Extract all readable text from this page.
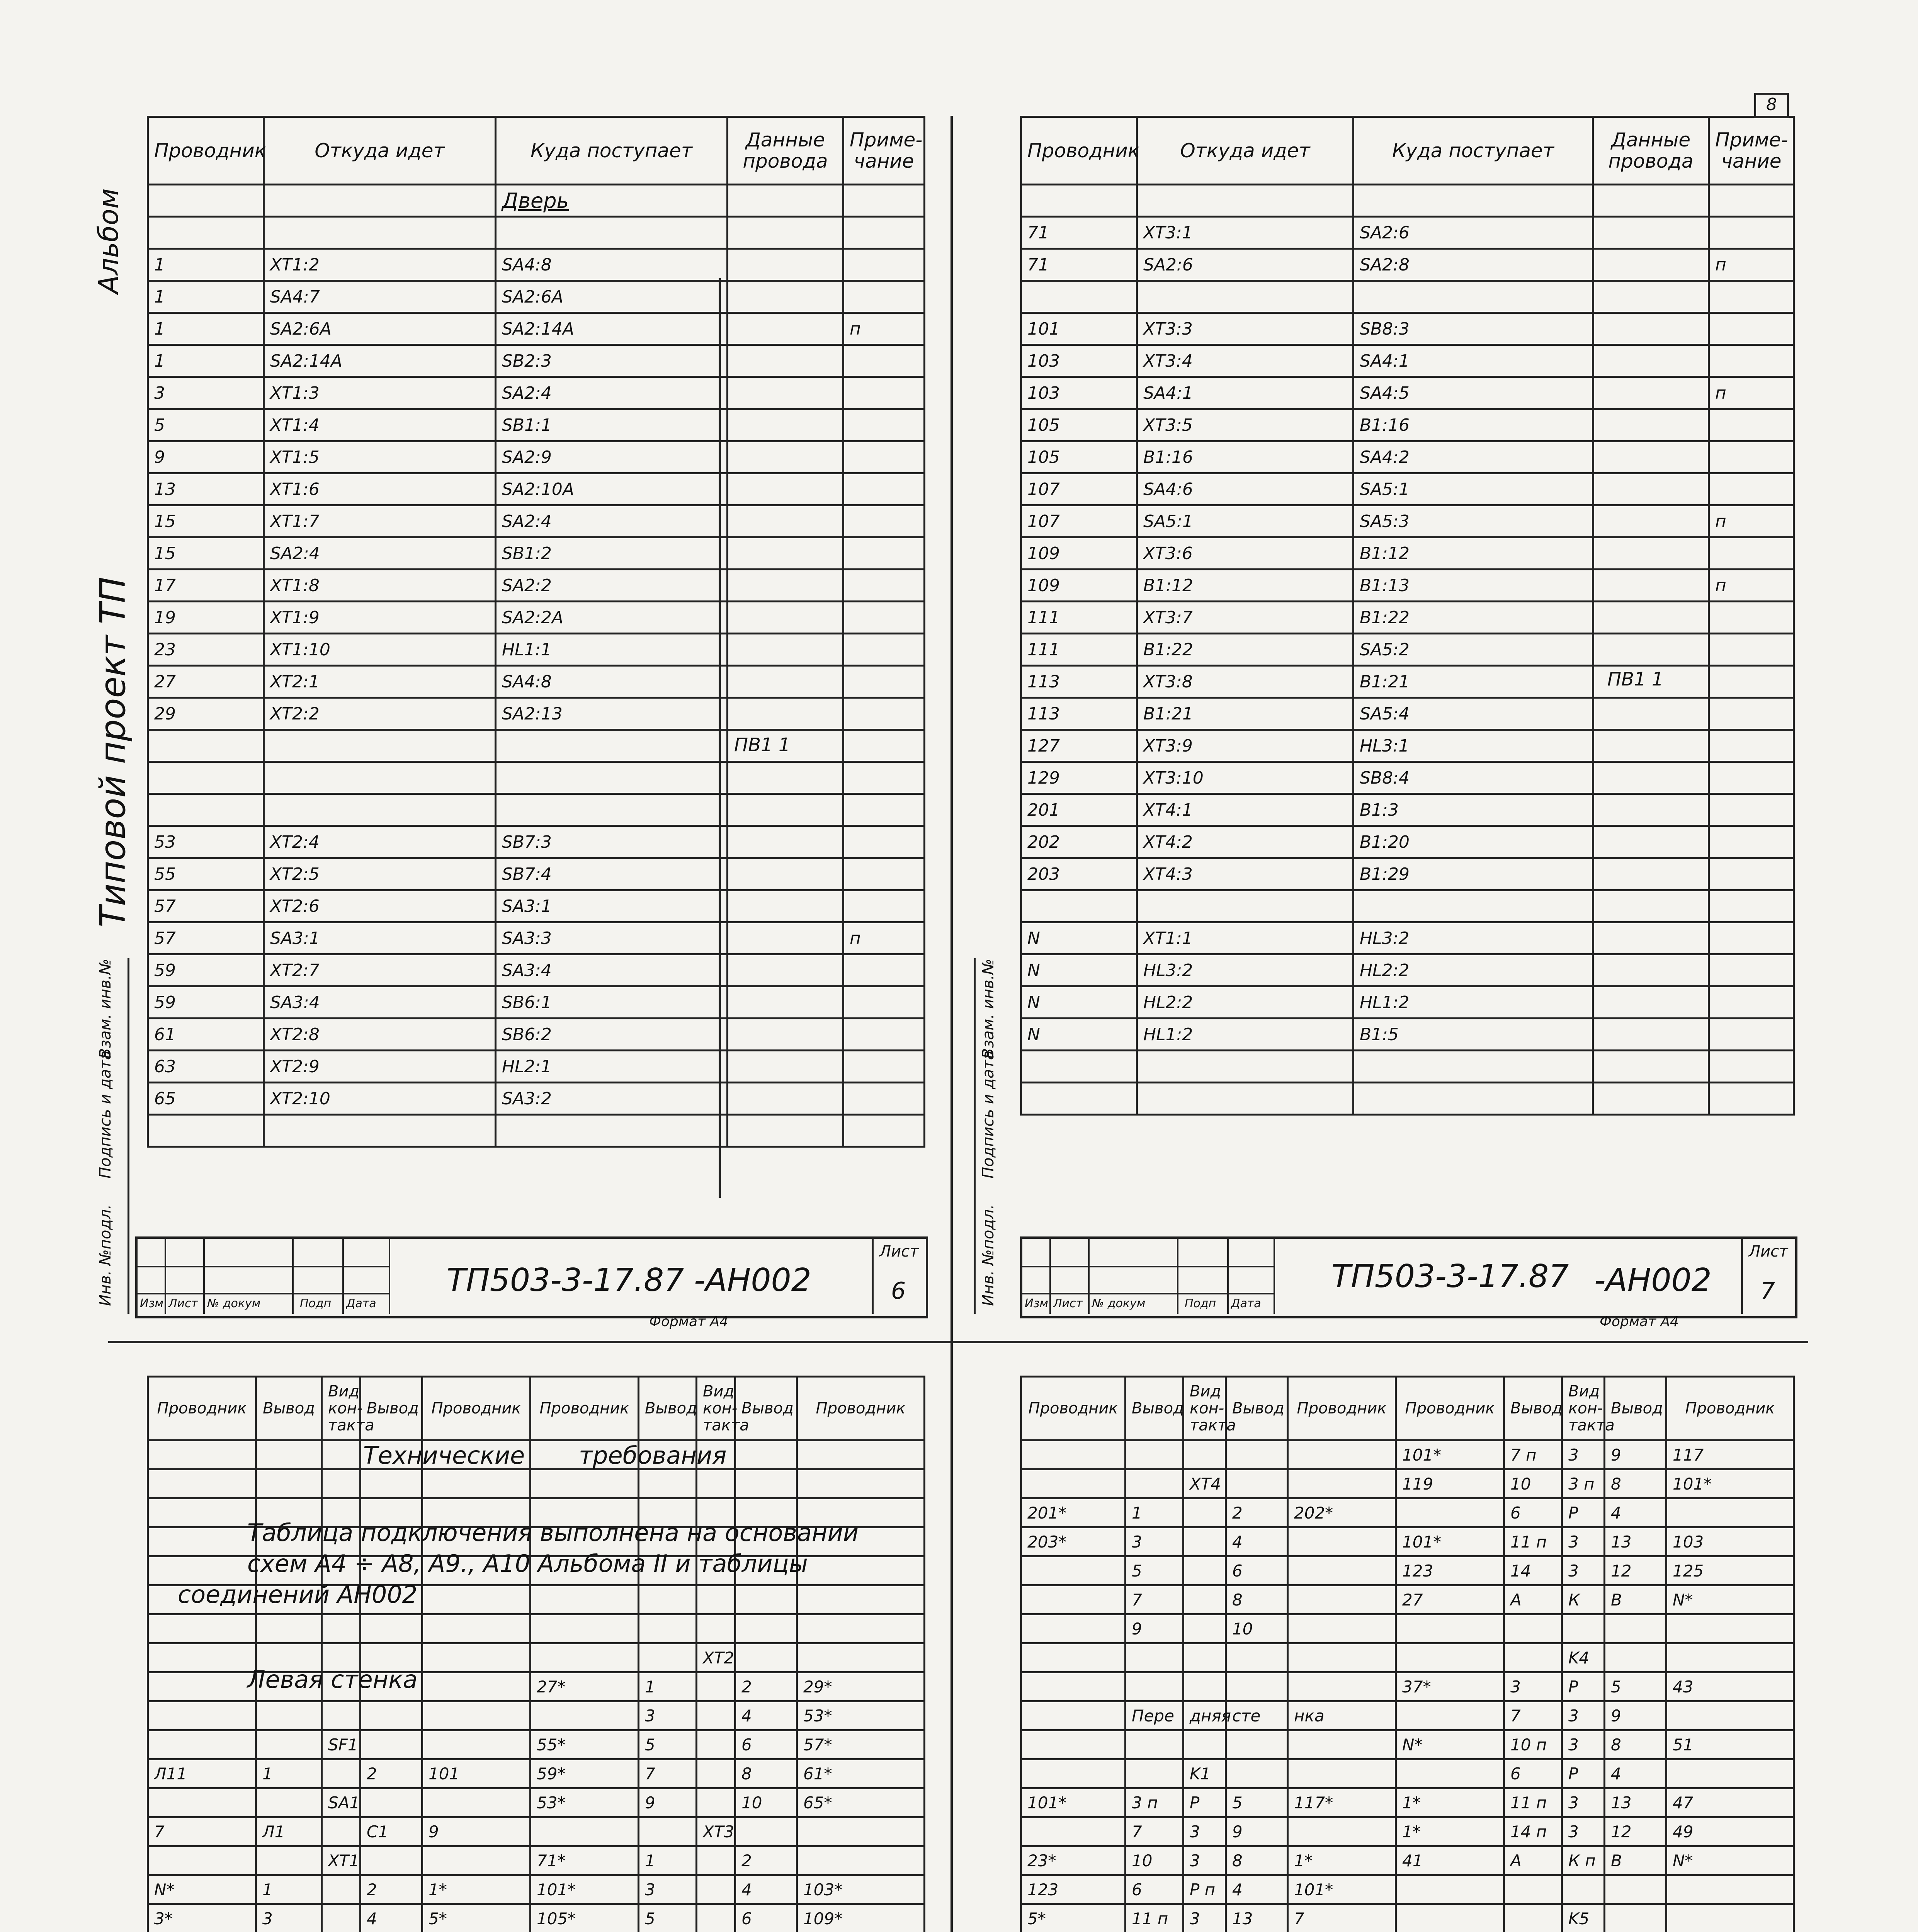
Проводник	Откуда идет	Куда поступает	Данные провода	Приме-чание
		Дверь		

1	XT1:2	SA4:8		
1	SA4:7	SA2:6A		
1	SA2:6A	SA2:14A		п
1	SA2:14A	SB2:3		
3	XT1:3	SA2:4		
5	XT1:4	SB1:1		
9	XT1:5	SA2:9		
13	XT1:6	SA2:10A		
15	XT1:7	SA2:4		
15	SA2:4	SB1:2		
17	XT1:8	SA2:2		
19	XT1:9	SA2:2A		
23	XT1:10	HL1:1		
27	XT2:1	SA4:8		
29	XT2:2	SA2:13		

53	XT2:4	SB7:3		
55	XT2:5	SB7:4		
57	XT2:6	SA3:1		
57	SA3:1	SA3:3		п
59	XT2:7	SA3:4		
59	SA3:4	SB6:1		
61	XT2:8	SB6:2		
63	XT2:9	HL2:1		
65	XT2:10	SA3:2		

ПВ1 1
Изм Лист № докум	Подп Дата
ТП503-3-17.87 -АН002
Лист
6
Формат А4
Альбом
Типовой проект ТП
Инв. №подл.
Подпись и дата
Взам. инв.№
Проводник	Откуда идет	Куда поступает	Данные провода	Приме-чание

71	XT3:1	SA2:6		
71	SA2:6	SA2:8		п

101	XT3:3	SB8:3		
103	XT3:4	SA4:1		
103	SA4:1	SA4:5		п
105	XT3:5	B1:16		
105	B1:16	SA4:2		
107	SA4:6	SA5:1		
107	SA5:1	SA5:3		п
109	XT3:6	B1:12		
109	B1:12	B1:13		п
111	XT3:7	B1:22		
111	B1:22	SA5:2		
113	XT3:8	B1:21		
113	B1:21	SA5:4		
127	XT3:9	HL3:1		
129	XT3:10	SB8:4		
201	XT4:1	B1:3		
202	XT4:2	B1:20		
203	XT4:3	B1:29		

N	XT1:1	HL3:2		
N	HL3:2	HL2:2		
N	HL2:2	HL1:2		
N	HL1:2	B1:5		

ПВ1 1
8
Изм Лист № докум	Подп Дата
ТП503-3-17.87 -АН002
Лист
7
Формат А4
Инв. №подл.
Подпись и дата
Взам. инв.№
Проводник	Вывод	Вид кон-такта	Вывод	Проводник	Проводник	Вывод	Вид кон-такта	Вывод	Проводник

							XT2		
					27*	1		2	29*
						3		4	53*
		SF1			55*	5		6	57*
Л11	1		2	101	59*	7		8	61*
		SA1			53*	9		10	65*
7	Л1		С1	9			XT3		
		XT1			71*	1		2	
N*	1		2	1*	101*	3		4	103*
3*	3		4	5*	105*	5		6	109*

Технические требования
Таблица подключения выполнена на основании
схем А4 ÷ А8, А9., А10 Альбома II и таблицы
соединений АН002
Левая стенка
Проводник	Вывод	Вид кон-такта	Вывод	Проводник	Проводник	Вывод	Вид кон-такта	Вывод	Проводник
					101*	7 п	3	9	117
		XT4			119	10	3 п	8	101*
201*	1		2	202*		6	Р	4	
203*	3		4		101*	11 п	3	13	103
	5		6		123	14	3	12	125
	7		8		27	А	К	В	N*
	9		10						
							K4		
					37*	3	Р	5	43
	Пере	дняя	сте	нка		7	3	9	
					N*	10 п	3	8	51
		K1				6	Р	4	
101*	3 п	Р	5	117*	1*	11 п	3	13	47
	7	3	9		1*	14 п	3	12	49
23*	10	3	8	1*	41	А	К п	В	N*
123	6	Р п	4	101*					
5*	11 п	3	13	7			K5		
